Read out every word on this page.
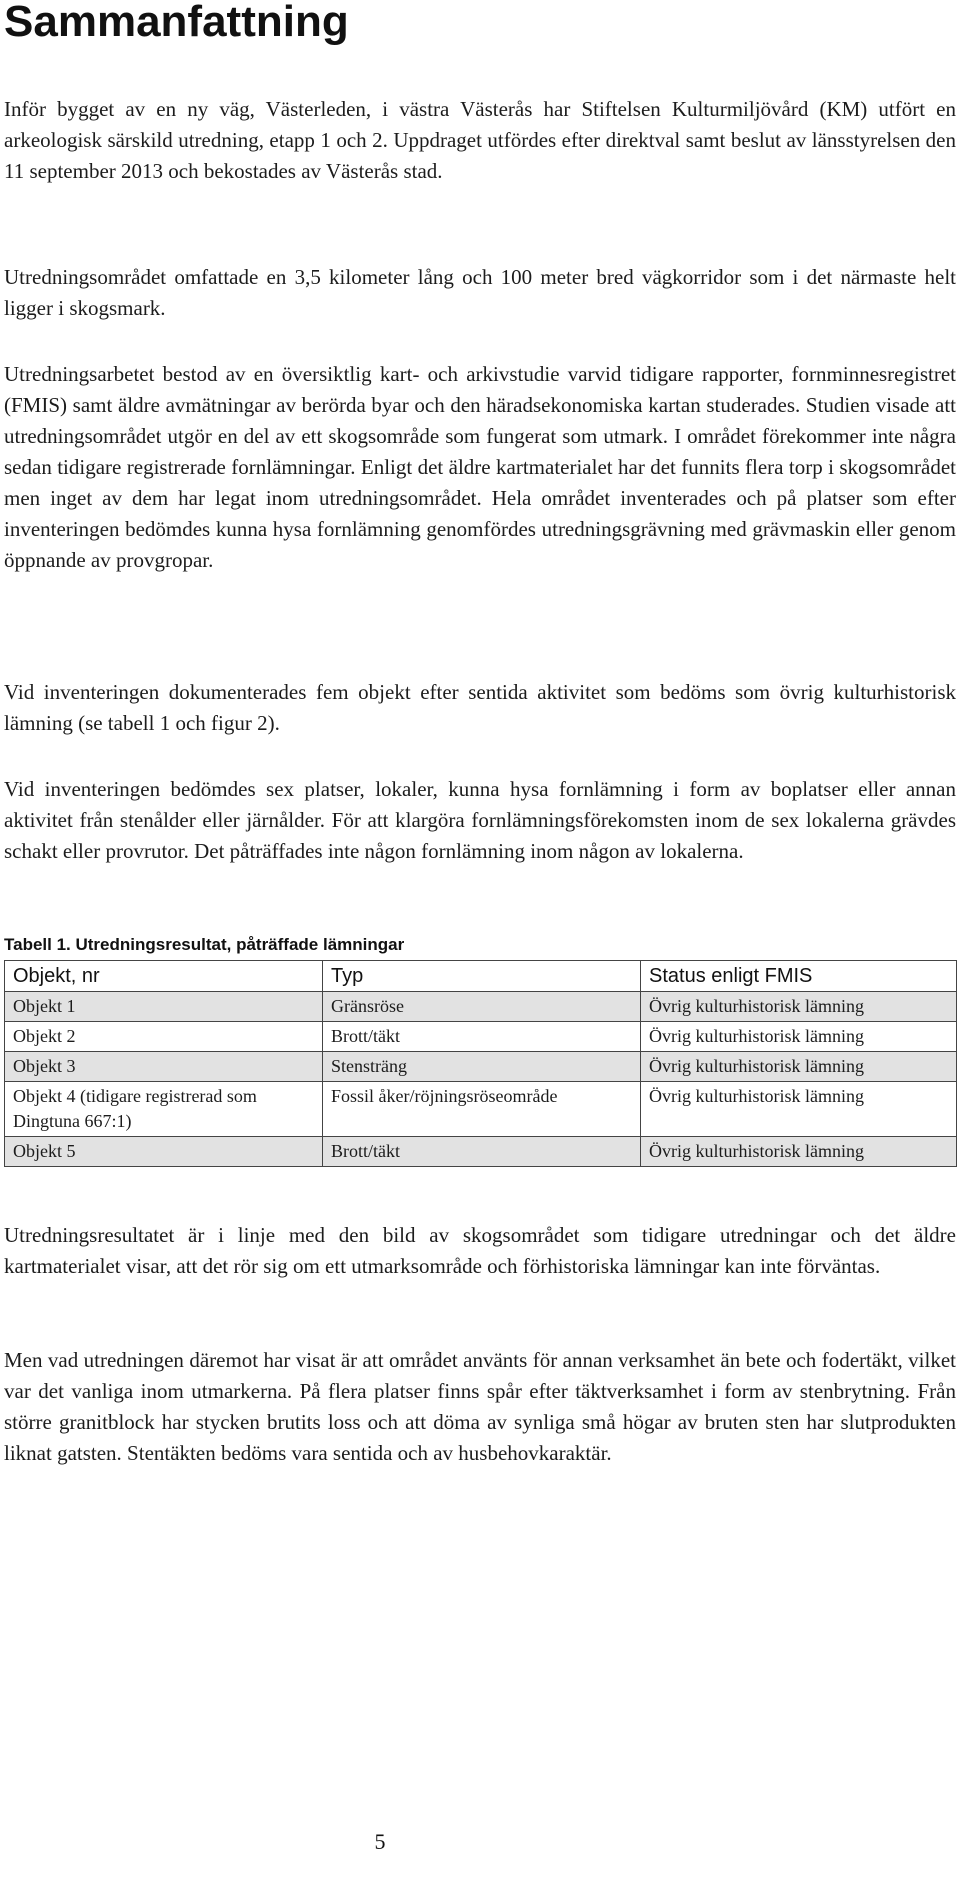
Sammanfattning

Inför bygget av en ny väg, Västerleden, i västra Västerås har Stiftelsen Kulturmiljövård (KM) utfört en arkeologisk särskild utredning, etapp 1 och 2. Uppdraget utfördes efter direktval samt beslut av länsstyrelsen den 11 september 2013 och bekostades av Västerås stad.

Utredningsområdet omfattade en 3,5 kilometer lång och 100 meter bred vägkorridor som i det närmaste helt ligger i skogsmark.

Utredningsarbetet bestod av en översiktlig kart- och arkivstudie varvid tidigare rapporter, fornminnesregistret (FMIS) samt äldre avmätningar av berörda byar och den häradsekonomiska kartan studerades. Studien visade att utredningsområdet utgör en del av ett skogsområde som fungerat som utmark. I området förekommer inte några sedan tidigare registrerade fornlämningar. Enligt det äldre kartmaterialet har det funnits flera torp i skogsområdet men inget av dem har legat inom utredningsområdet. Hela området inventerades och på platser som efter inventeringen bedömdes kunna hysa fornlämning genomfördes utredningsgrävning med grävmaskin eller genom öppnande av provgropar.

Vid inventeringen dokumenterades fem objekt efter sentida aktivitet som bedöms som övrig kulturhistorisk lämning (se tabell 1 och figur 2).

Vid inventeringen bedömdes sex platser, lokaler, kunna hysa fornlämning i form av boplatser eller annan aktivitet från stenålder eller järnålder. För att klargöra fornlämningsförekomsten inom de sex lokalerna grävdes schakt eller provrutor. Det påträffades inte någon fornlämning inom någon av lokalerna.

Tabell 1. Utredningsresultat, påträffade lämningar

Objekt, nr	Typ	Status enligt FMIS
Objekt 1	Gränsröse	Övrig kulturhistorisk lämning
Objekt 2	Brott/täkt	Övrig kulturhistorisk lämning
Objekt 3	Stensträng	Övrig kulturhistorisk lämning
Objekt 4 (tidigare registrerad som Dingtuna 667:1)	Fossil åker/röjningsröseområde	Övrig kulturhistorisk lämning
Objekt 5	Brott/täkt	Övrig kulturhistorisk lämning

Utredningsresultatet är i linje med den bild av skogsområdet som tidigare utredningar och det äldre kartmaterialet visar, att det rör sig om ett utmarksområde och förhistoriska lämningar kan inte förväntas.

Men vad utredningen däremot har visat är att området använts för annan verksamhet än bete och fodertäkt, vilket var det vanliga inom utmarkerna. På flera platser finns spår efter täktverksamhet i form av stenbrytning. Från större granitblock har stycken brutits loss och att döma av synliga små högar av bruten sten har slutprodukten liknat gatsten. Stentäkten bedöms vara sentida och av husbehovkaraktär.

5
